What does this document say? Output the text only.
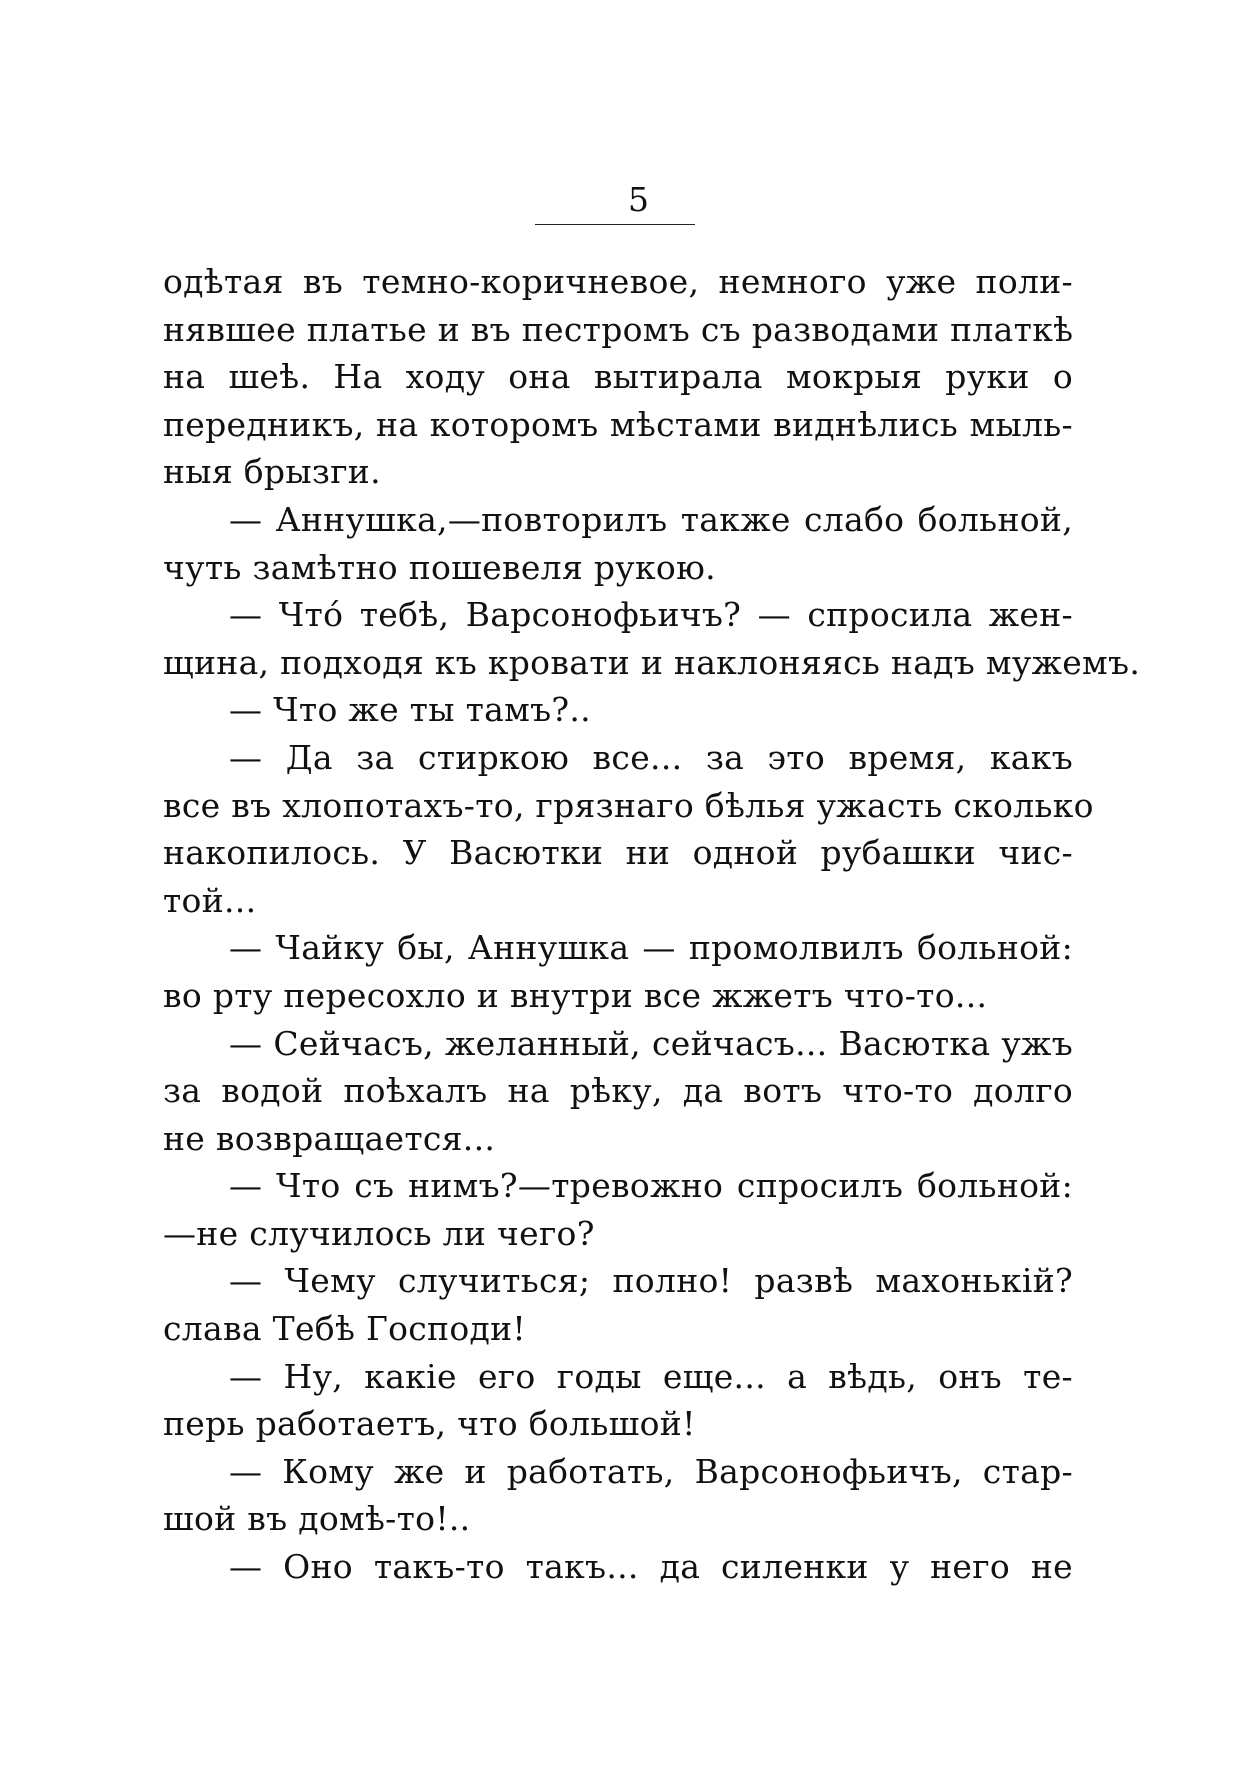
5
одѣтая въ темно-коричневое, немного уже поли-
нявшее платье и въ пестромъ съ разводами платкѣ
на шеѣ. На ходу она вытирала мокрыя руки о
передникъ, на которомъ мѣстами виднѣлись мыль-
ныя брызги.
— Аннушка,—повторилъ также слабо больной,
чуть замѣтно пошевеля рукою.
— Что́ тебѣ, Варсонофьичъ? — спросила жен-
щина, подходя къ кровати и наклоняясь надъ мужемъ.
— Что же ты тамъ?..
— Да за стиркою все... за это время, какъ
все въ хлопотахъ-то, грязнаго бѣлья ужасть сколько
накопилось. У Васютки ни одной рубашки чис-
той...
— Чайку бы, Аннушка — промолвилъ больной:
во рту пересохло и внутри все жжетъ что-то...
— Сейчасъ, желанный, сейчасъ... Васютка ужъ
за водой поѣхалъ на рѣку, да вотъ что-то долго
не возвращается...
— Что съ нимъ?—тревожно спросилъ больной:
—не случилось ли чего?
— Чему случиться; полно! развѣ махонькій?
слава Тебѣ Господи!
— Ну, какіе его годы еще... а вѣдь, онъ те-
перь работаетъ, что большой!
— Кому же и работать, Варсонофьичъ, стар-
шой въ домѣ-то!..
— Оно такъ-то такъ... да силенки у него не
